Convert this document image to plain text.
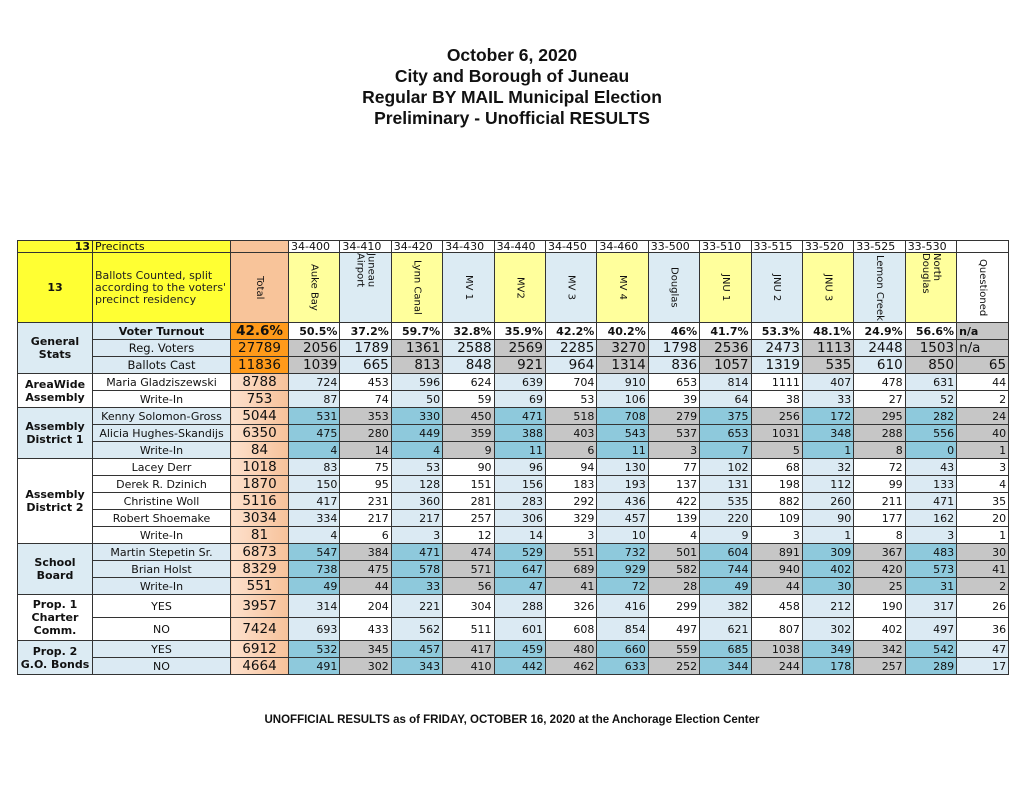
October 6, 2020
City and Borough of Juneau
Regular BY MAIL Municipal Election
Preliminary - Unofficial RESULTS
13	Precincts		34-400	34-410	34-420	34-430	34-440	34-450	34-460	33-500	33-510	33-515	33-520	33-525	33-530	
13	Ballots Counted, split according to the voters' precinct residency	Total	Auke Bay	Juneau Airport	Lynn Canal	MV 1	MV2	MV 3	MV 4	Douglas	JNU 1	JNU 2	JNU 3	Lemon Creek	North Douglas	Questioned

General Stats	Voter Turnout	42.6%	50.5%	37.2%	59.7%	32.8%	35.9%	42.2%	40.2%	46%	41.7%	53.3%	48.1%	24.9%	56.6%	n/a
	Reg. Voters	27789	2056	1789	1361	2588	2569	2285	3270	1798	2536	2473	1113	2448	1503	n/a
	Ballots Cast	11836	1039	665	813	848	921	964	1314	836	1057	1319	535	610	850	65
AreaWide Assembly	Maria Gladziszewski	8788	724	453	596	624	639	704	910	653	814	1111	407	478	631	44
	Write-In	753	87	74	50	59	69	53	106	39	64	38	33	27	52	2
Assembly District 1	Kenny Solomon-Gross	5044	531	353	330	450	471	518	708	279	375	256	172	295	282	24
	Alicia Hughes-Skandijs	6350	475	280	449	359	388	403	543	537	653	1031	348	288	556	40
	Write-In	84	4	14	4	9	11	6	11	3	7	5	1	8	0	1
Assembly District 2	Lacey Derr	1018	83	75	53	90	96	94	130	77	102	68	32	72	43	3
	Derek R. Dzinich	1870	150	95	128	151	156	183	193	137	131	198	112	99	133	4
	Christine Woll	5116	417	231	360	281	283	292	436	422	535	882	260	211	471	35
	Robert Shoemake	3034	334	217	217	257	306	329	457	139	220	109	90	177	162	20
	Write-In	81	4	6	3	12	14	3	10	4	9	3	1	8	3	1
School Board	Martin Stepetin Sr.	6873	547	384	471	474	529	551	732	501	604	891	309	367	483	30
	Brian Holst	8329	738	475	578	571	647	689	929	582	744	940	402	420	573	41
	Write-In	551	49	44	33	56	47	41	72	28	49	44	30	25	31	2
Prop. 1 Charter Comm.	YES	3957	314	204	221	304	288	326	416	299	382	458	212	190	317	26
	NO	7424	693	433	562	511	601	608	854	497	621	807	302	402	497	36
Prop. 2 G.O. Bonds	YES	6912	532	345	457	417	459	480	660	559	685	1038	349	342	542	47
	NO	4664	491	302	343	410	442	462	633	252	344	244	178	257	289	17
UNOFFICIAL RESULTS as of FRIDAY, OCTOBER 16, 2020 at the Anchorage Election Center
